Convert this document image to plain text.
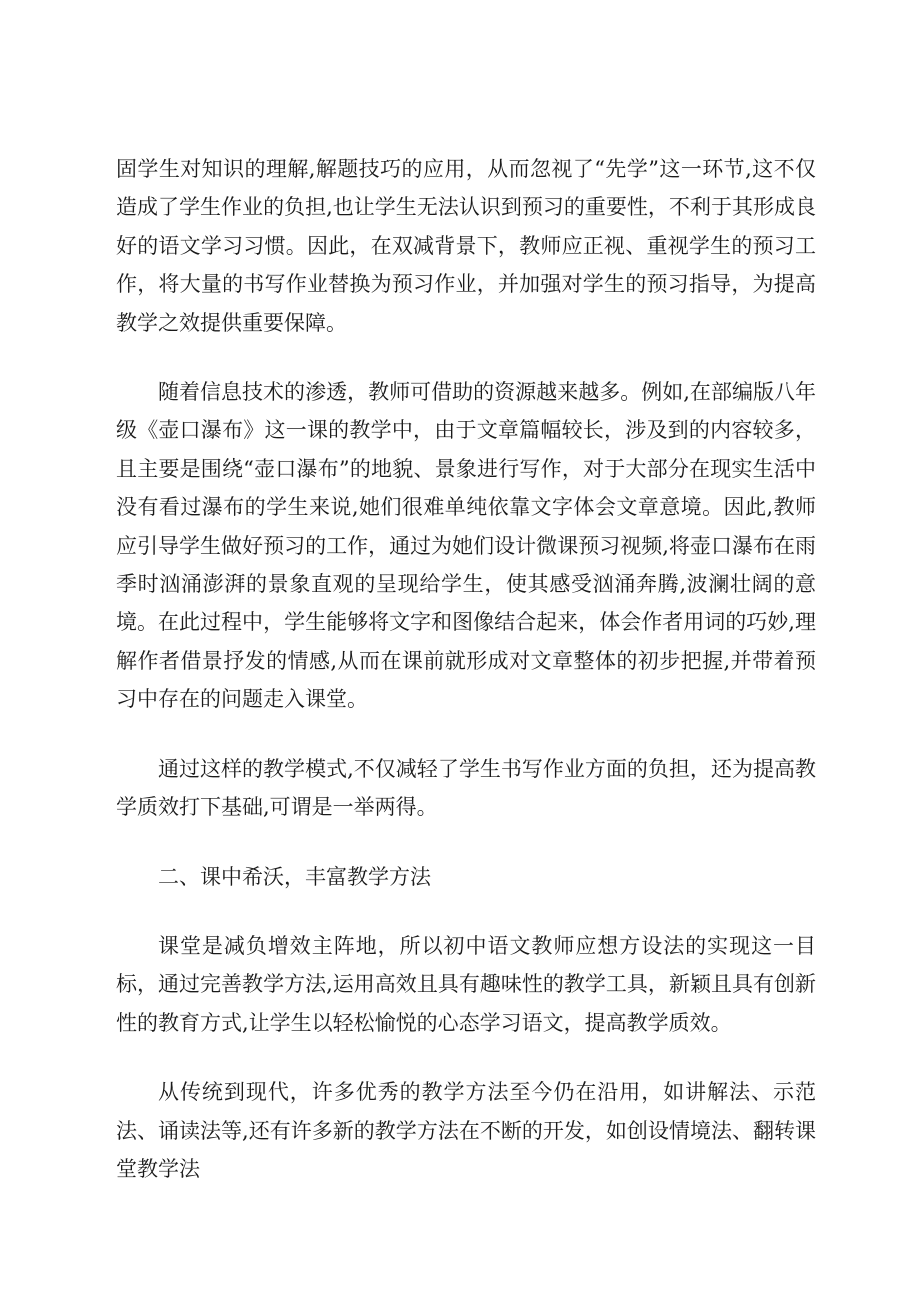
固学生对知识的理解,解题技巧的应用，从而忽视了“先学”这一环节,这不仅造成了学生作业的负担,也让学生无法认识到预习的重要性，不利于其形成良好的语文学习习惯。因此，在双减背景下，教师应正视、重视学生的预习工作，将大量的书写作业替换为预习作业，并加强对学生的预习指导，为提高教学之效提供重要保障。

随着信息技术的渗透，教师可借助的资源越来越多。例如,在部编版八年级《壶口瀑布》这一课的教学中，由于文章篇幅较长，涉及到的内容较多，且主要是围绕“壶口瀑布”的地貌、景象进行写作，对于大部分在现实生活中没有看过瀑布的学生来说,她们很难单纯依靠文字体会文章意境。因此,教师应引导学生做好预习的工作，通过为她们设计微课预习视频,将壶口瀑布在雨季时汹涌澎湃的景象直观的呈现给学生，使其感受汹涌奔腾,波澜壮阔的意境。在此过程中，学生能够将文字和图像结合起来，体会作者用词的巧妙,理解作者借景抒发的情感,从而在课前就形成对文章整体的初步把握,并带着预习中存在的问题走入课堂。

通过这样的教学模式,不仅减轻了学生书写作业方面的负担，还为提高教学质效打下基础,可谓是一举两得。

二、课中希沃，丰富教学方法

课堂是减负增效主阵地，所以初中语文教师应想方设法的实现这一目标，通过完善教学方法,运用高效且具有趣味性的教学工具，新颖且具有创新性的教育方式,让学生以轻松愉悦的心态学习语文，提高教学质效。

从传统到现代，许多优秀的教学方法至今仍在沿用，如讲解法、示范法、诵读法等,还有许多新的教学方法在不断的开发，如创设情境法、翻转课堂教学法
